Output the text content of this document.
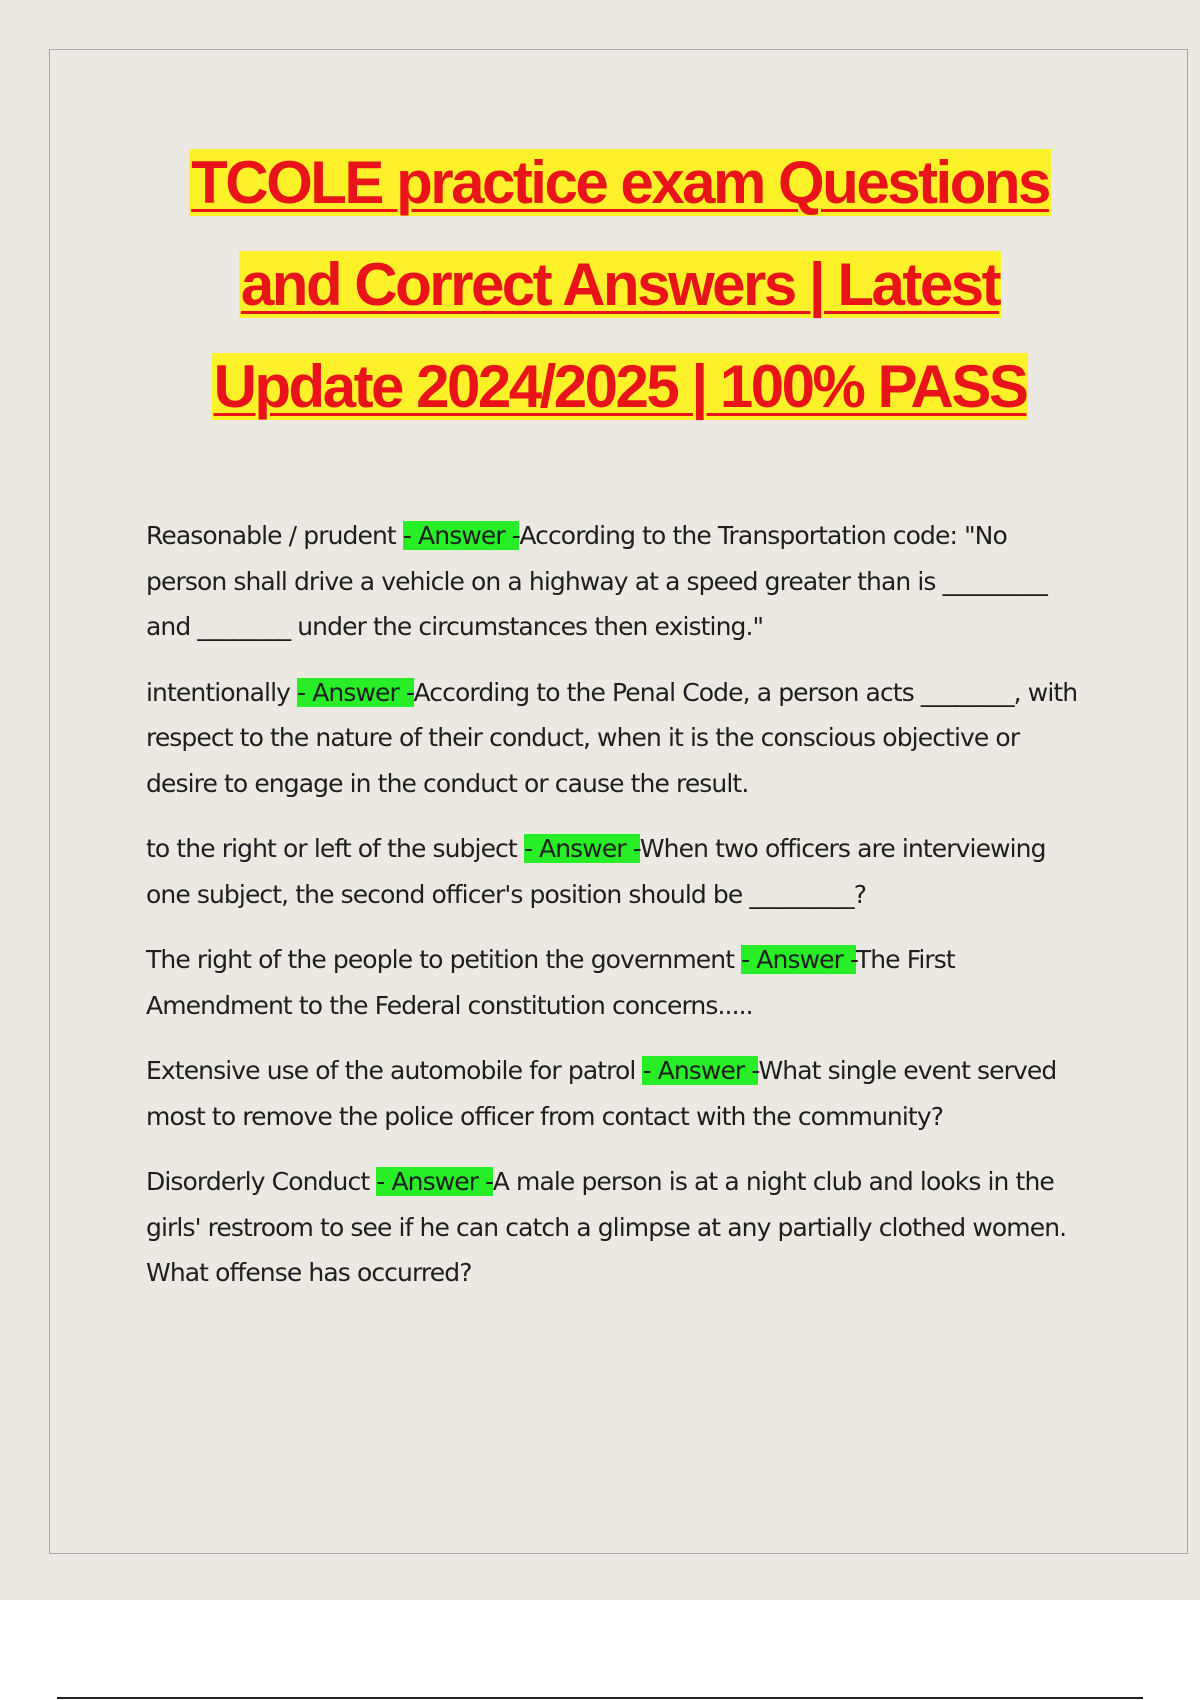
TCOLE practice exam Questions
and Correct Answers | Latest
Update 2024/2025 | 100% PASS

Reasonable / prudent - Answer -According to the Transportation code: "No person shall drive a vehicle on a highway at a speed greater than is _________ and ________ under the circumstances then existing."

intentionally - Answer -According to the Penal Code, a person acts ________, with respect to the nature of their conduct, when it is the conscious objective or desire to engage in the conduct or cause the result.

to the right or left of the subject - Answer -When two officers are interviewing one subject, the second officer's position should be _________?

The right of the people to petition the government - Answer -The First Amendment to the Federal constitution concerns.....

Extensive use of the automobile for patrol - Answer -What single event served most to remove the police officer from contact with the community?

Disorderly Conduct - Answer -A male person is at a night club and looks in the girls' restroom to see if he can catch a glimpse at any partially clothed women. What offense has occurred?
